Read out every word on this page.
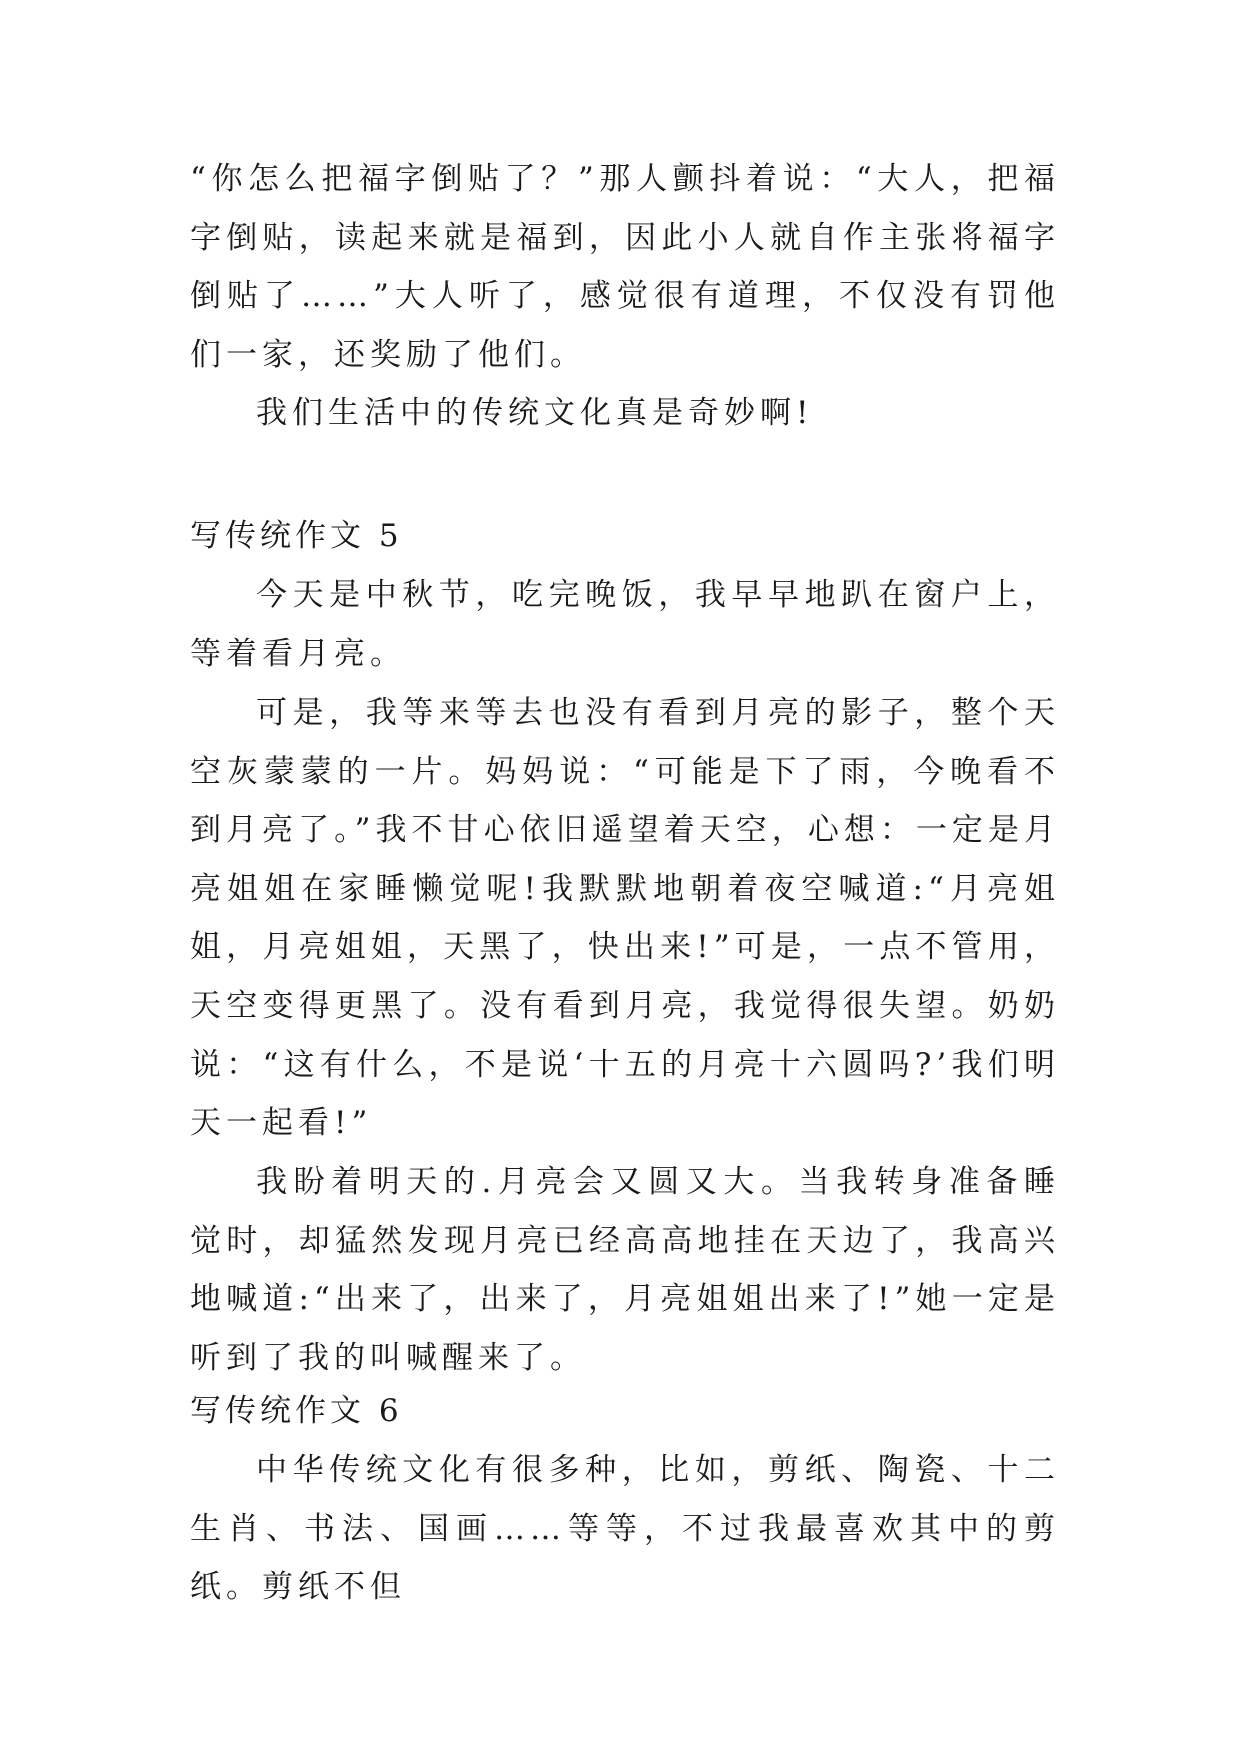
“你怎么把福字倒贴了？”那人颤抖着说：“大人，把福字倒贴，读起来就是福到，因此小人就自作主张将福字倒贴了……”大人听了，感觉很有道理，不仅没有罚他们一家，还奖励了他们。

我们生活中的传统文化真是奇妙啊!

写传统作文 5

今天是中秋节，吃完晚饭，我早早地趴在窗户上，等着看月亮。

可是，我等来等去也没有看到月亮的影子，整个天空灰蒙蒙的一片。妈妈说：“可能是下了雨，今晚看不到月亮了。”我不甘心依旧遥望着天空，心想：一定是月亮姐姐在家睡懒觉呢!我默默地朝着夜空喊道:“月亮姐姐，月亮姐姐，天黑了，快出来!”可是，一点不管用，天空变得更黑了。没有看到月亮，我觉得很失望。奶奶说：“这有什么，不是说‘十五的月亮十六圆吗?’我们明天一起看!”

我盼着明天的.月亮会又圆又大。当我转身准备睡觉时，却猛然发现月亮已经高高地挂在天边了，我高兴地喊道:“出来了，出来了，月亮姐姐出来了!”她一定是听到了我的叫喊醒来了。

写传统作文 6

中华传统文化有很多种，比如，剪纸、陶瓷、十二生肖、书法、国画……等等，不过我最喜欢其中的剪纸。剪纸不但
